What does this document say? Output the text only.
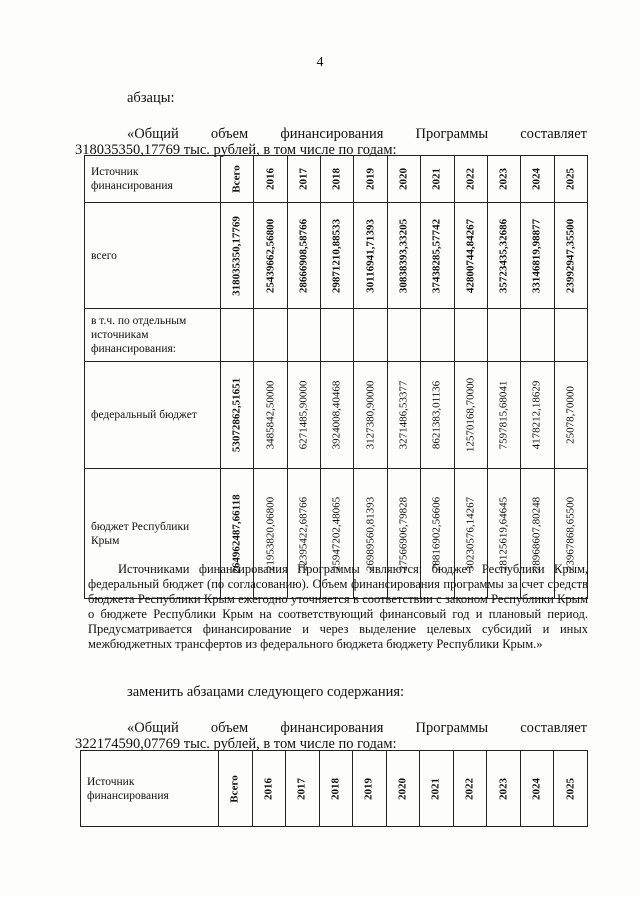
4
абзацы:
«Общий объем финансирования Программы составляет
318035350,17769 тыс. рублей, в том числе по годам:
Источник финансирования	Всего	2016	2017	2018	2019	2020	2021	2022	2023	2024	2025

всего	318035350,17769	25439662,56800	28666908,58766	29871210,88533	30116941,71393	30838393,33205	37438285,57742	42800744,84267	35723435,32686	33146819,98877	23992947,35500

в т.ч. по отдельным источникам финансирования:	

федеральный бюджет	53072862,51651	3485842,50000	6271485,90000	3924008,40468	3127380,90000	3271486,53377	8621383,01136	12570168,70000	7597815,68041	4178212,18629	25078,70000

бюджет Республики Крым	264962487,66118	21953820,06800	22395422,68766	25947202,48065	26989560,81393	27566906,79828	28816902,56606	30230576,14267	28125619,64645	28968607,80248	23967868,65500
Источниками финансирования Программы являются: бюджет Республики Крым, федеральный бюджет (по согласованию). Объем финансирования программы за счет средств бюджета Республики Крым ежегодно уточняется в соответствии с законом Республики Крым о бюджете Республики Крым на соответствующий финансовый год и плановый период. Предусматривается финансирование и через выделение целевых субсидий и иных межбюджетных трансфертов из федерального бюджета бюджету Республики Крым.»
заменить абзацами следующего содержания:
«Общий объем финансирования Программы составляет
322174590,07769 тыс. рублей, в том числе по годам:
Источник финансирования	Всего	2016	2017	2018	2019	2020	2021	2022	2023	2024	2025
